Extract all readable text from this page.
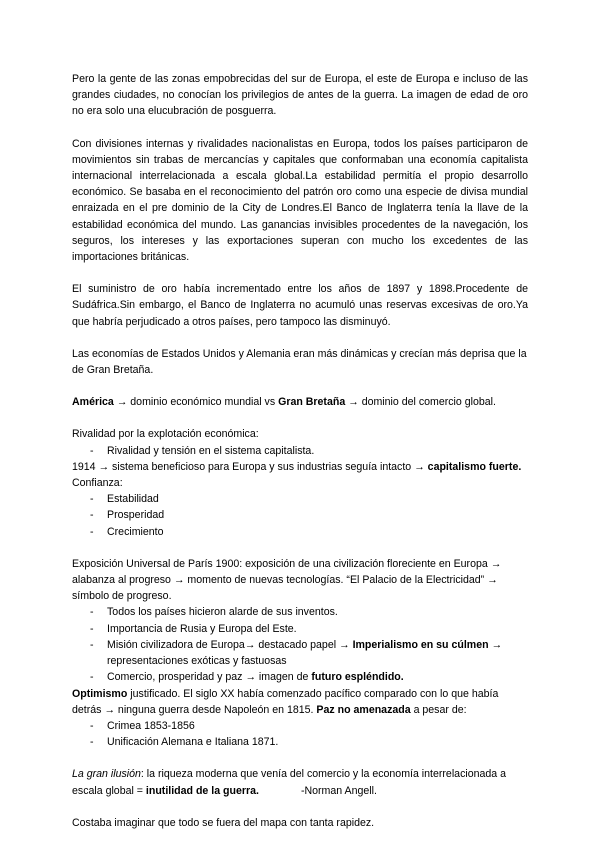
Pero la gente de las zonas empobrecidas del sur de Europa, el este de Europa e incluso de las grandes ciudades, no conocían los privilegios de antes de la guerra. La imagen de edad de oro no era solo una elucubración de posguerra.

Con divisiones internas y rivalidades nacionalistas en Europa, todos los países participaron de movimientos sin trabas de mercancías y capitales que conformaban una economía capitalista internacional interrelacionada a escala global.La estabilidad permitía el propio desarrollo económico. Se basaba en el reconocimiento del patrón oro como una especie de divisa mundial enraizada en el pre dominio de la City de Londres.El Banco de Inglaterra tenía la llave de la estabilidad económica del mundo. Las ganancias invisibles procedentes de la navegación, los seguros, los intereses y las exportaciones superan con mucho los excedentes de las importaciones británicas.

El suministro de oro había incrementado entre los años de 1897 y 1898.Procedente de Sudáfrica.Sin embargo, el Banco de Inglaterra no acumuló unas reservas excesivas de oro.Ya que habría perjudicado a otros países, pero tampoco las disminuyó.

Las economías de Estados Unidos y Alemania eran más dinámicas y crecían más deprisa que la de Gran Bretaña.

América → dominio económico mundial vs Gran Bretaña → dominio del comercio global.

Rivalidad por la explotación económica:

- Rivalidad y tensión en el sistema capitalista.

1914 → sistema beneficioso para Europa y sus industrias seguía intacto → capitalismo fuerte. Confianza:

- Estabilidad
- Prosperidad
- Crecimiento

Exposición Universal de París 1900: exposición de una civilización floreciente en Europa → alabanza al progreso → momento de nuevas tecnologías. “El Palacio de la Electricidad” → símbolo de progreso.

- Todos los países hicieron alarde de sus inventos.
- Importancia de Rusia y Europa del Este.
- Misión civilizadora de Europa→ destacado papel → Imperialismo en su cúlmen → representaciones exóticas y fastuosas
- Comercio, prosperidad y paz → imagen de futuro espléndido.

Optimismo justificado. El siglo XX había comenzado pacífico comparado con lo que había detrás → ninguna guerra desde Napoleón en 1815. Paz no amenazada a pesar de:

- Crimea 1853-1856
- Unificación Alemana e Italiana 1871.

La gran ilusión: la riqueza moderna que venía del comercio y la economía interrelacionada a escala global = inutilidad de la guerra.	-Norman Angell.

Costaba imaginar que todo se fuera del mapa con tanta rapidez.
